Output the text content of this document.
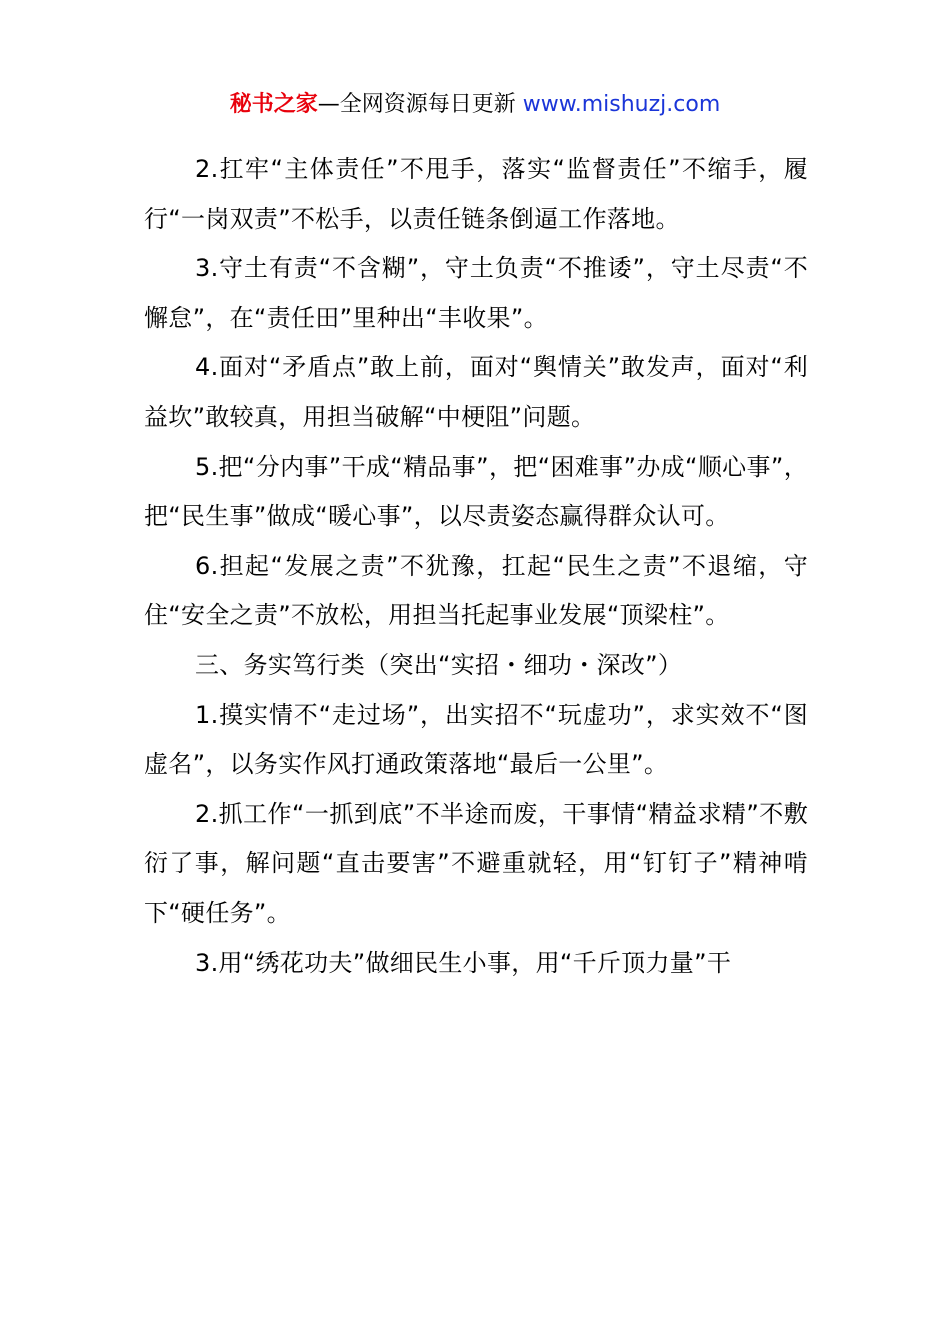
秘书之家—全网资源每日更新 www.mishuzj.com

2.扛牢“主体责任”不甩手，落实“监督责任”不缩手，履行“一岗双责”不松手，以责任链条倒逼工作落地。

3.守土有责“不含糊”，守土负责“不推诿”，守土尽责“不懈怠”，在“责任田”里种出“丰收果”。

4.面对“矛盾点”敢上前，面对“舆情关”敢发声，面对“利益坎”敢较真，用担当破解“中梗阻”问题。

5.把“分内事”干成“精品事”，把“困难事”办成“顺心事”，把“民生事”做成“暖心事”，以尽责姿态赢得群众认可。

6.担起“发展之责”不犹豫，扛起“民生之责”不退缩，守住“安全之责”不放松，用担当托起事业发展“顶梁柱”。

三、务实笃行类（突出“实招・细功・深改”）

1.摸实情不“走过场”，出实招不“玩虚功”，求实效不“图虚名”，以务实作风打通政策落地“最后一公里”。

2.抓工作“一抓到底”不半途而废，干事情“精益求精”不敷衍了事，解问题“直击要害”不避重就轻，用“钉钉子”精神啃下“硬任务”。

3.用“绣花功夫”做细民生小事，用“千斤顶力量”干
